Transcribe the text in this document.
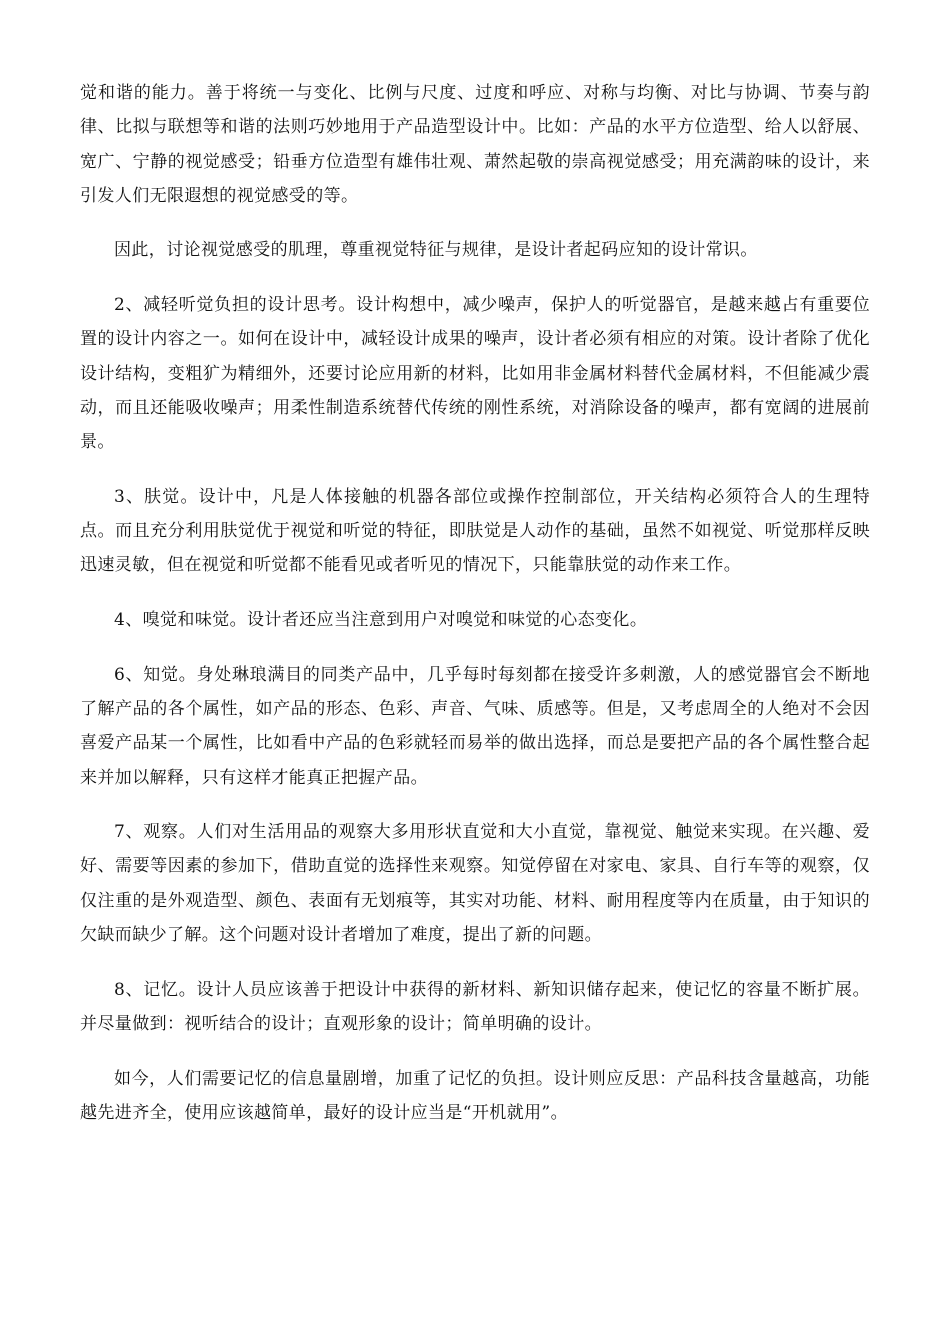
觉和谐的能力。善于将统一与变化、比例与尺度、过度和呼应、对称与均衡、对比与协调、节奏与韵律、比拟与联想等和谐的法则巧妙地用于产品造型设计中。比如：产品的水平方位造型、给人以舒展、宽广、宁静的视觉感受；铅垂方位造型有雄伟壮观、萧然起敬的崇高视觉感受；用充满韵味的设计，来引发人们无限遐想的视觉感受的等。

因此，讨论视觉感受的肌理，尊重视觉特征与规律，是设计者起码应知的设计常识。

2、减轻听觉负担的设计思考。设计构想中，减少噪声，保护人的听觉器官，是越来越占有重要位置的设计内容之一。如何在设计中，减轻设计成果的噪声，设计者必须有相应的对策。设计者除了优化设计结构，变粗犷为精细外，还要讨论应用新的材料，比如用非金属材料替代金属材料，不但能减少震动，而且还能吸收噪声；用柔性制造系统替代传统的刚性系统，对消除设备的噪声，都有宽阔的进展前景。

3、肤觉。设计中，凡是人体接触的机器各部位或操作控制部位，开关结构必须符合人的生理特点。而且充分利用肤觉优于视觉和听觉的特征，即肤觉是人动作的基础，虽然不如视觉、听觉那样反映迅速灵敏，但在视觉和听觉都不能看见或者听见的情况下，只能靠肤觉的动作来工作。

4、嗅觉和味觉。设计者还应当注意到用户对嗅觉和味觉的心态变化。

6、知觉。身处琳琅满目的同类产品中，几乎每时每刻都在接受许多刺激，人的感觉器官会不断地了解产品的各个属性，如产品的形态、色彩、声音、气味、质感等。但是，又考虑周全的人绝对不会因喜爱产品某一个属性，比如看中产品的色彩就轻而易举的做出选择，而总是要把产品的各个属性整合起来并加以解释，只有这样才能真正把握产品。

7、观察。人们对生活用品的观察大多用形状直觉和大小直觉，靠视觉、触觉来实现。在兴趣、爱好、需要等因素的参加下，借助直觉的选择性来观察。知觉停留在对家电、家具、自行车等的观察，仅仅注重的是外观造型、颜色、表面有无划痕等，其实对功能、材料、耐用程度等内在质量，由于知识的欠缺而缺少了解。这个问题对设计者增加了难度，提出了新的问题。

8、记忆。设计人员应该善于把设计中获得的新材料、新知识储存起来，使记忆的容量不断扩展。并尽量做到：视听结合的设计；直观形象的设计；简单明确的设计。

如今，人们需要记忆的信息量剧增，加重了记忆的负担。设计则应反思：产品科技含量越高，功能越先进齐全，使用应该越简单，最好的设计应当是“开机就用”。
